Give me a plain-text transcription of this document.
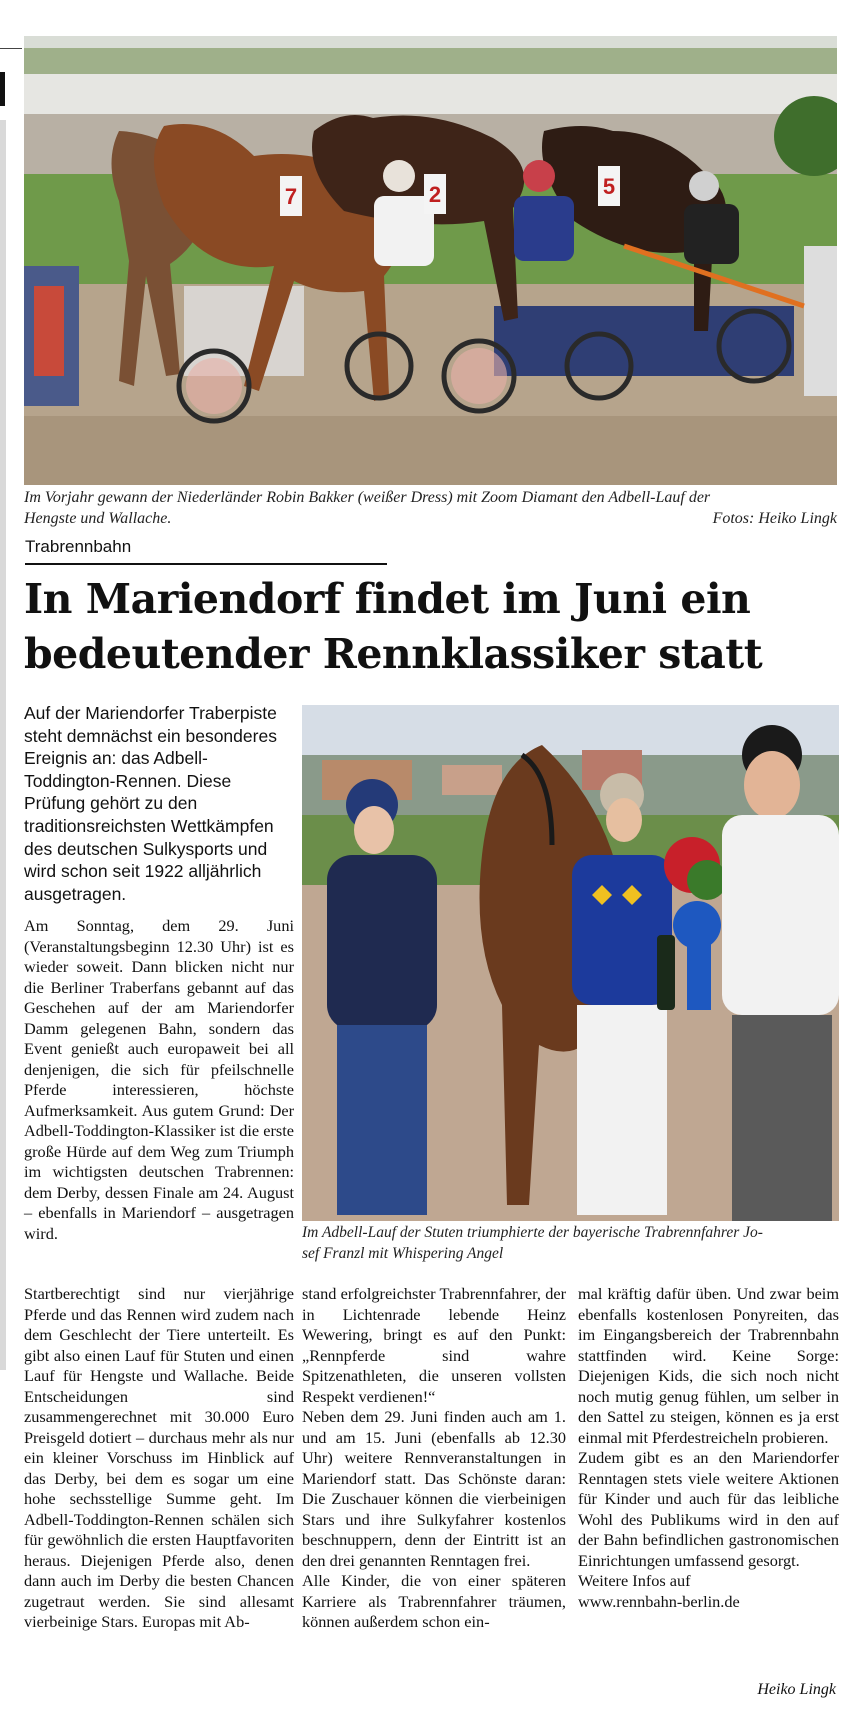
7	2	5
Im Vorjahr gewann der Niederländer Robin Bakker (weißer Dress) mit Zoom Diamant den Adbell-Lauf der
Hengste und Wallache.	Fotos: Heiko Lingk
Trabrennbahn
In Mariendorf findet im Juni ein
bedeutender Rennklassiker statt
Auf der Mariendorfer Traberpiste steht demnächst ein besonderes Ereignis an: das Adbell-Toddington-Rennen. Diese Prüfung gehört zu den traditionsreichsten Wettkämpfen des deutschen Sulkysports und wird schon seit 1922 alljährlich ausgetragen.
Im Adbell-Lauf der Stuten triumphierte der bayerische Trabrennfahrer Jo-
sef Franzl mit Whispering Angel

Am Sonntag, dem 29. Juni (Veranstaltungsbeginn 12.30 Uhr) ist es wieder soweit. Dann blicken nicht nur die Berliner Traberfans gebannt auf das Geschehen auf der am Mariendorfer Damm gelegenen Bahn, sondern das Event genießt auch europaweit bei all denjenigen, die sich für pfeilschnelle Pferde interessieren, höchste Aufmerksamkeit. Aus gutem Grund: Der Adbell-Toddington-Klassiker ist die erste große Hürde auf dem Weg zum Triumph im wichtigsten deutschen Trabrennen: dem Derby, dessen Finale am 24. August – ebenfalls in Mariendorf – ausgetragen wird.

Startberechtigt sind nur vierjährige Pferde und das Rennen wird zudem nach dem Geschlecht der Tiere unterteilt. Es gibt also einen Lauf für Stuten und einen Lauf für Hengste und Wallache. Beide Entscheidungen sind zusammengerechnet mit 30.000 Euro Preisgeld dotiert – durchaus mehr als nur ein kleiner Vorschuss im Hinblick auf das Derby, bei dem es sogar um eine hohe sechsstellige Summe geht. Im Adbell-Toddington-Rennen schälen sich für gewöhnlich die ersten Hauptfavoriten heraus. Diejenigen Pferde also, denen dann auch im Derby die besten Chancen zugetraut werden. Sie sind allesamt vierbeinige Stars. Europas mit Ab-

stand erfolgreichster Trabrennfahrer, der in Lichtenrade lebende Heinz Wewering, bringt es auf den Punkt: „Rennpferde sind wahre Spitzenathleten, die unseren vollsten Respekt verdienen!“

Neben dem 29. Juni finden auch am 1. und am 15. Juni (ebenfalls ab 12.30 Uhr) weitere Rennveranstaltungen in Mariendorf statt. Das Schönste daran: Die Zuschauer können die vierbeinigen Stars und ihre Sulkyfahrer kostenlos beschnuppern, denn der Eintritt ist an den drei genannten Renntagen frei.

Alle Kinder, die von einer späteren Karriere als Trabrennfahrer träumen, können außerdem schon ein-

mal kräftig dafür üben. Und zwar beim ebenfalls kostenlosen Ponyreiten, das im Eingangsbereich der Trabrennbahn stattfinden wird. Keine Sorge: Diejenigen Kids, die sich noch nicht noch mutig genug fühlen, um selber in den Sattel zu steigen, können es ja erst einmal mit Pferdestreicheln probieren.

Zudem gibt es an den Mariendorfer Renntagen stets viele weitere Aktionen für Kinder und auch für das leibliche Wohl des Publikums wird in den auf der Bahn befindlichen gastronomischen Einrichtungen umfassend gesorgt.

Weitere Infos auf

www.rennbahn-berlin.de

Heiko Lingk
